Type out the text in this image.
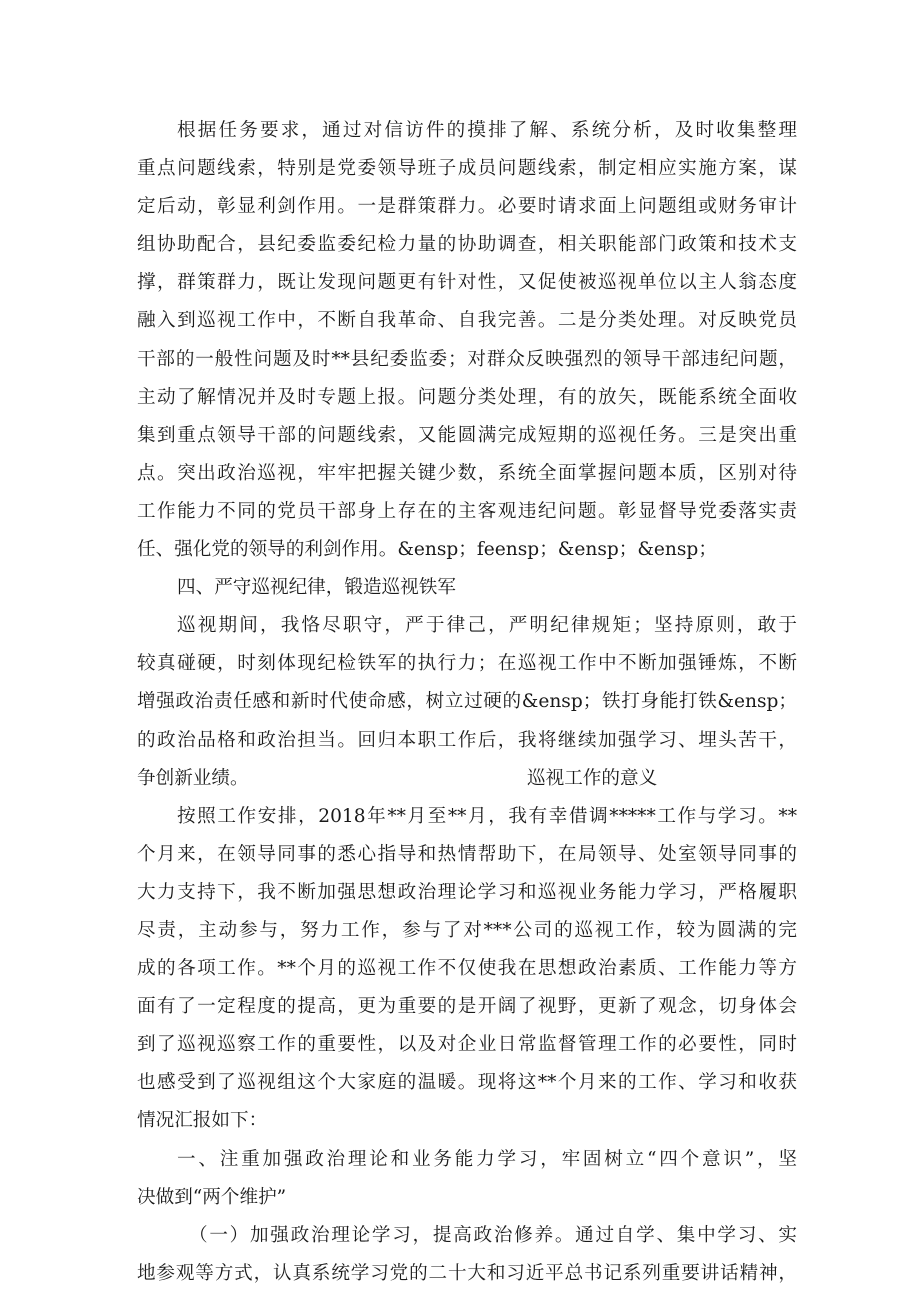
根据任务要求，通过对信访件的摸排了解、系统分析，及时收集整理
重点问题线索，特别是党委领导班子成员问题线索，制定相应实施方案，谋
定后动，彰显利剑作用。一是群策群力。必要时请求面上问题组或财务审计
组协助配合，县纪委监委纪检力量的协助调查，相关职能部门政策和技术支
撑，群策群力，既让发现问题更有针对性，又促使被巡视单位以主人翁态度
融入到巡视工作中，不断自我革命、自我完善。二是分类处理。对反映党员
干部的一般性问题及时**县纪委监委；对群众反映强烈的领导干部违纪问题，
主动了解情况并及时专题上报。问题分类处理，有的放矢，既能系统全面收
集到重点领导干部的问题线索，又能圆满完成短期的巡视任务。三是突出重
点。突出政治巡视，牢牢把握关键少数，系统全面掌握问题本质，区别对待
工作能力不同的党员干部身上存在的主客观违纪问题。彰显督导党委落实责
任、强化党的领导的利剑作用。&ensp；feensp；&ensp；&ensp；
四、严守巡视纪律，锻造巡视铁军
巡视期间，我恪尽职守，严于律己，严明纪律规矩；坚持原则，敢于
较真碰硬，时刻体现纪检铁军的执行力；在巡视工作中不断加强锤炼，不断
增强政治责任感和新时代使命感，树立过硬的&ensp；铁打身能打铁&ensp；
的政治品格和政治担当。回归本职工作后，我将继续加强学习、埋头苦干，
争创新业绩。	巡视工作的意义
按照工作安排，2018年**月至**月，我有幸借调*****工作与学习。**
个月来，在领导同事的悉心指导和热情帮助下，在局领导、处室领导同事的
大力支持下，我不断加强思想政治理论学习和巡视业务能力学习，严格履职
尽责，主动参与，努力工作，参与了对***公司的巡视工作，较为圆满的完
成的各项工作。**个月的巡视工作不仅使我在思想政治素质、工作能力等方
面有了一定程度的提高，更为重要的是开阔了视野，更新了观念，切身体会
到了巡视巡察工作的重要性，以及对企业日常监督管理工作的必要性，同时
也感受到了巡视组这个大家庭的温暖。现将这**个月来的工作、学习和收获
情况汇报如下：
一、注重加强政治理论和业务能力学习，牢固树立“四个意识”，坚
决做到“两个维护”
（一）加强政治理论学习，提高政治修养。通过自学、集中学习、实
地参观等方式，认真系统学习党的二十大和习近平总书记系列重要讲话精神，
